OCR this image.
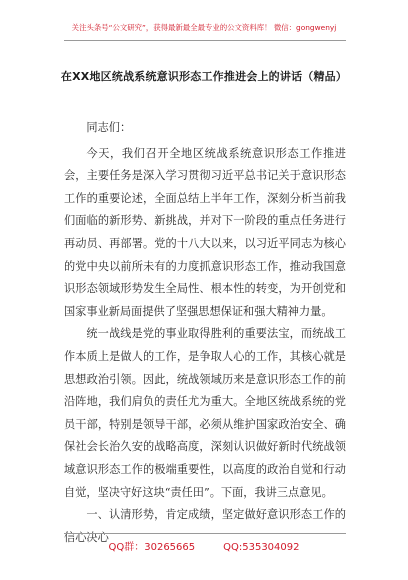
关注头条号“公文研究”，获得最新最全最专业的公文资料库！ 微信：gongwenyj
在XX地区统战系统意识形态工作推进会上的讲话（精品）

同志们：

今天，我们召开全地区统战系统意识形态工作推进会，主要任务是深入学习贯彻习近平总书记关于意识形态工作的重要论述，全面总结上半年工作，深刻分析当前我们面临的新形势、新挑战，并对下一阶段的重点任务进行再动员、再部署。党的十八大以来，以习近平同志为核心的党中央以前所未有的力度抓意识形态工作，推动我国意识形态领域形势发生全局性、根本性的转变，为开创党和国家事业新局面提供了坚强思想保证和强大精神力量。

统一战线是党的事业取得胜利的重要法宝，而统战工作本质上是做人的工作，是争取人心的工作，其核心就是思想政治引领。因此，统战领域历来是意识形态工作的前沿阵地，我们肩负的责任尤为重大。全地区统战系统的党员干部，特别是领导干部，必须从维护国家政治安全、确保社会长治久安的战略高度，深刻认识做好新时代统战领域意识形态工作的极端重要性，以高度的政治自觉和行动自觉，坚决守好这块“责任田”。下面，我讲三点意见。

一、认清形势，肯定成绩，坚定做好意识形态工作的信心决心

QQ群：30265665	QQ:535304092
